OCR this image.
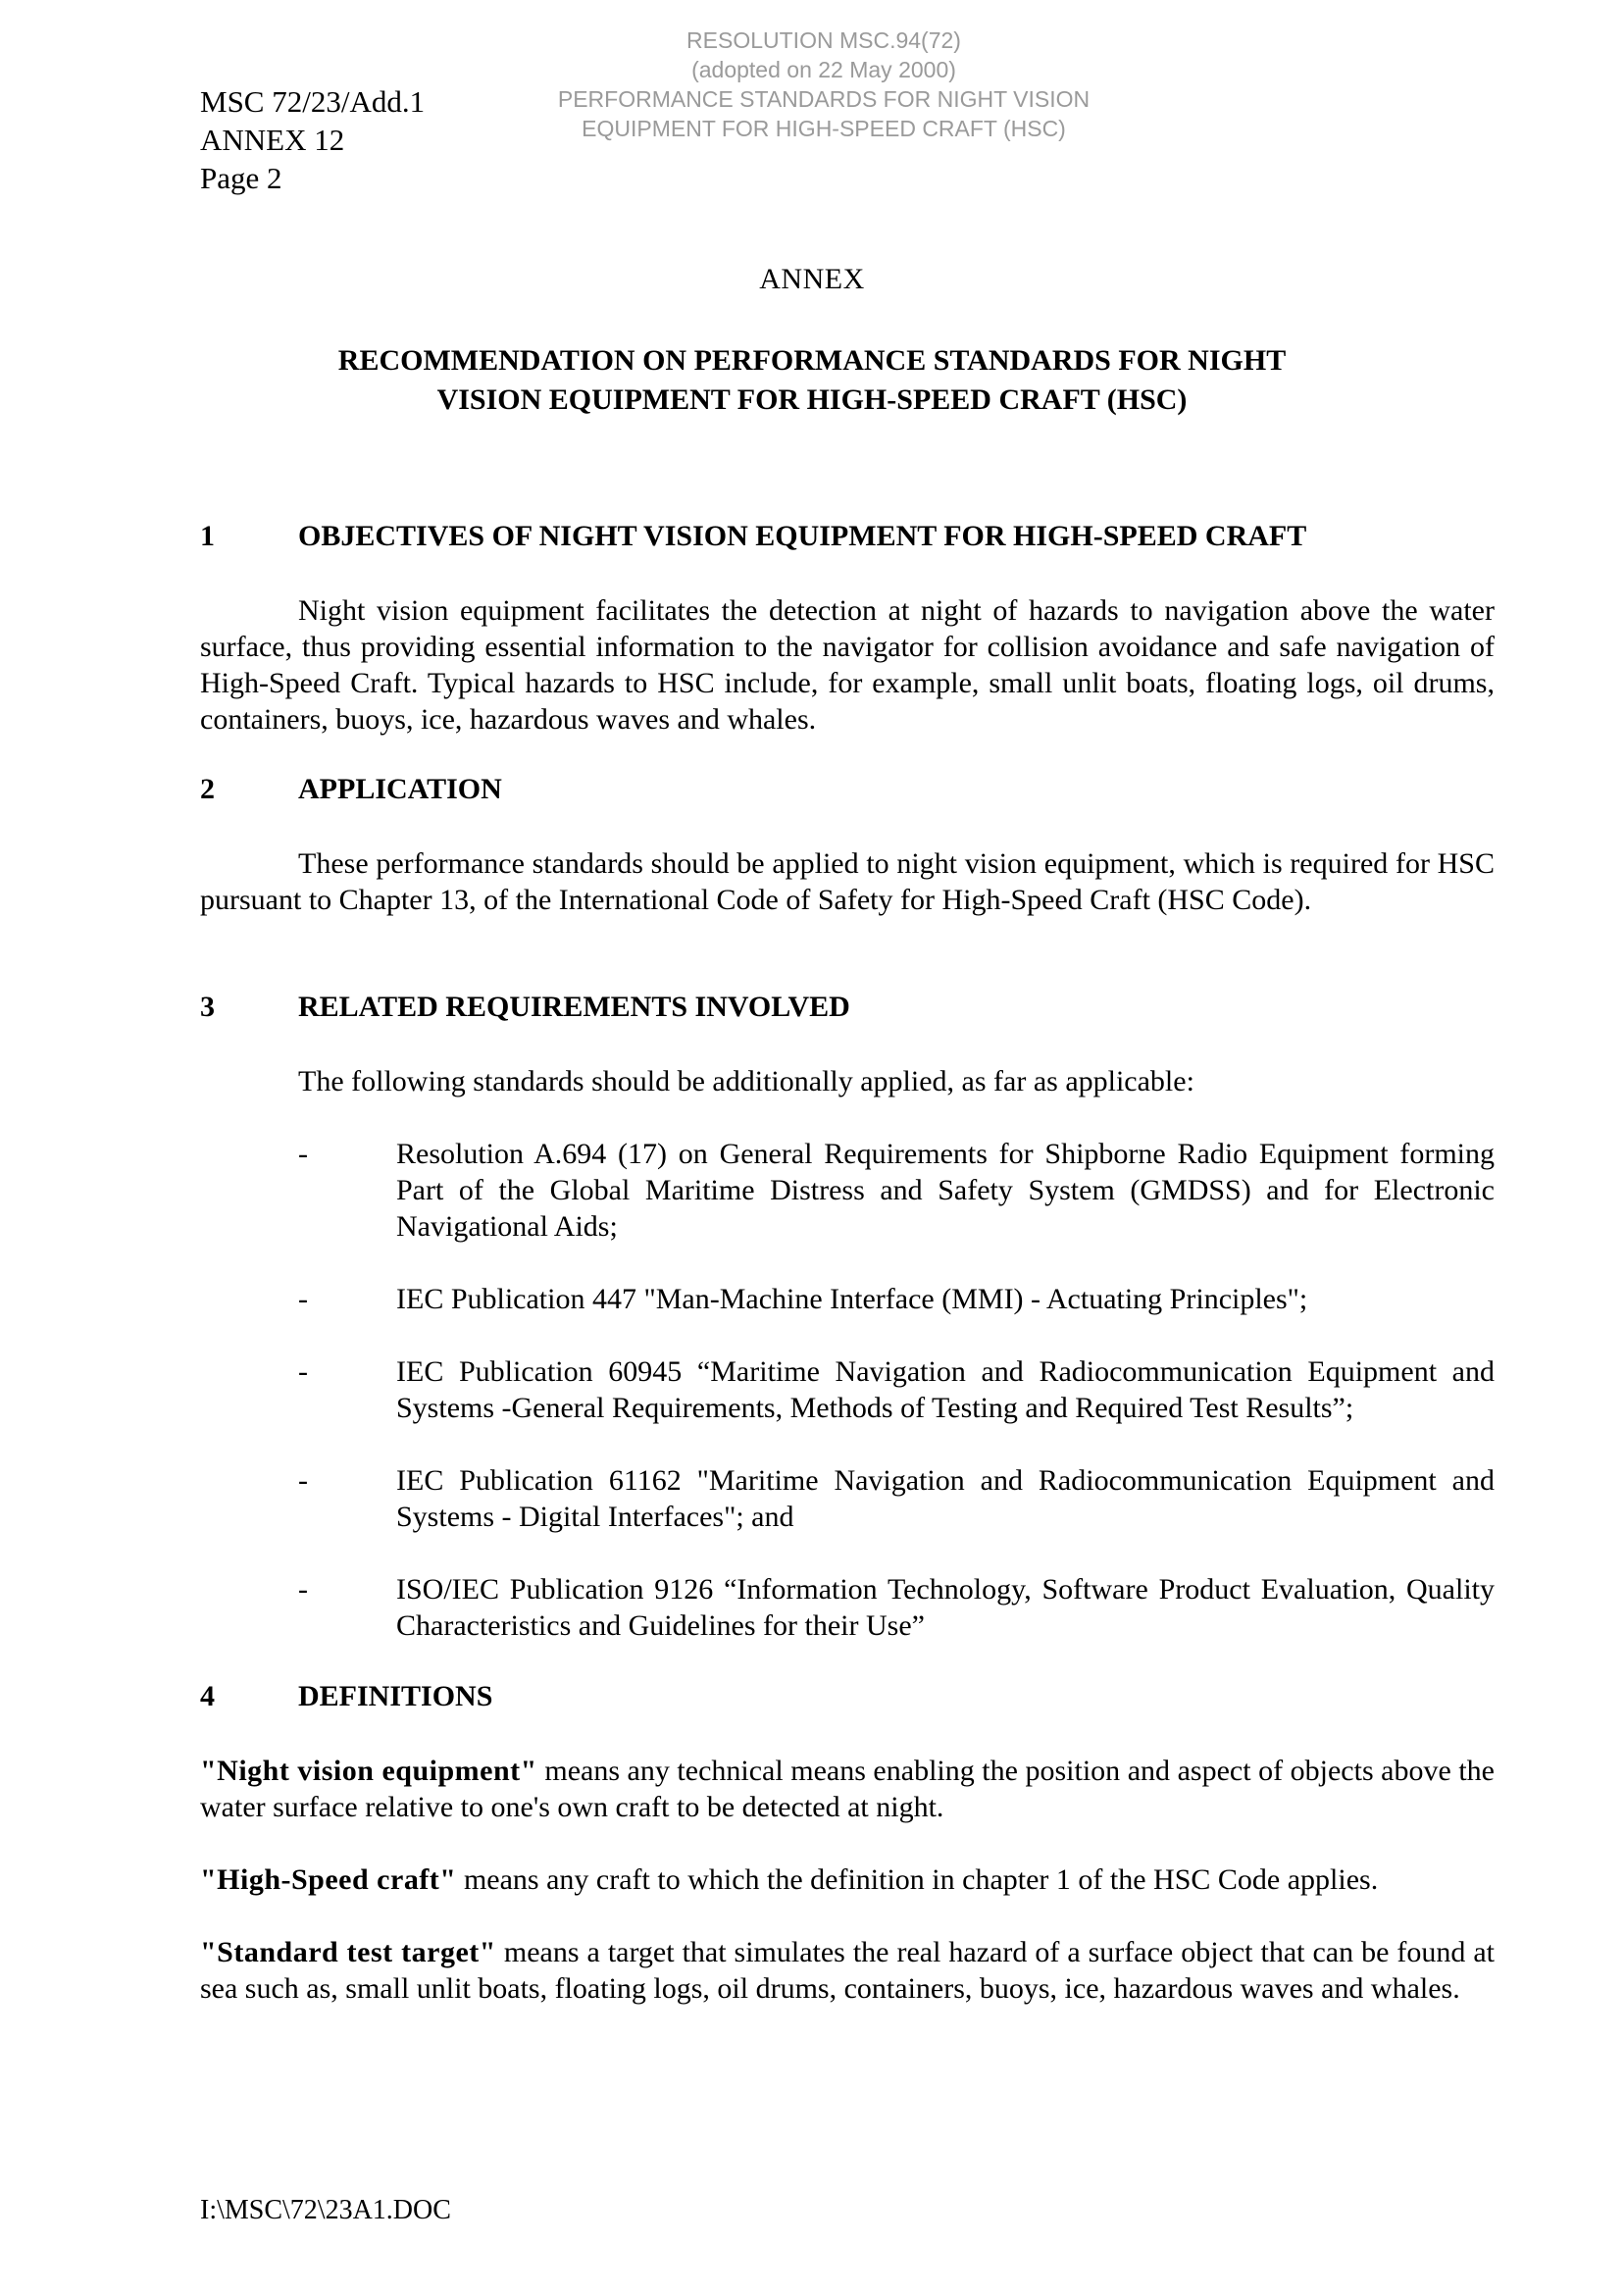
RESOLUTION MSC.94(72)
(adopted on 22 May 2000)
PERFORMANCE STANDARDS FOR NIGHT VISION
EQUIPMENT FOR HIGH-SPEED CRAFT (HSC)
MSC 72/23/Add.1
ANNEX 12
Page 2
ANNEX
RECOMMENDATION ON PERFORMANCE STANDARDS FOR NIGHT
VISION EQUIPMENT FOR HIGH-SPEED CRAFT (HSC)
1	OBJECTIVES OF NIGHT VISION EQUIPMENT FOR HIGH-SPEED CRAFT
Night vision equipment facilitates the detection at night of hazards to navigation above the water surface, thus providing essential information to the navigator for collision avoidance and safe navigation of High-Speed Craft. Typical hazards to HSC include, for example, small unlit boats, floating logs, oil drums, containers, buoys, ice, hazardous waves and whales.
2	APPLICATION
These performance standards should be applied to night vision equipment, which is required for HSC pursuant to Chapter 13, of the International Code of Safety for High-Speed Craft (HSC Code).
3	RELATED REQUIREMENTS INVOLVED
The following standards should be additionally applied, as far as applicable:
-	Resolution A.694 (17) on General Requirements for Shipborne Radio Equipment forming Part of the Global Maritime Distress and Safety System (GMDSS) and for Electronic Navigational Aids;
-	IEC Publication 447 "Man-Machine Interface (MMI) - Actuating Principles";
-	IEC Publication 60945 “Maritime Navigation and Radiocommunication Equipment and Systems -General Requirements, Methods of Testing and Required Test Results”;
-	IEC Publication 61162 "Maritime Navigation and Radiocommunication Equipment and Systems - Digital Interfaces"; and
-	ISO/IEC Publication 9126 “Information Technology, Software Product Evaluation, Quality Characteristics and Guidelines for their Use”
4	DEFINITIONS
"Night vision equipment" means any technical means enabling the position and aspect of objects above the water surface relative to one's own craft to be detected at night.
"High-Speed craft" means any craft to which the definition in chapter 1 of the HSC Code applies.
"Standard test target" means a target that simulates the real hazard of a surface object that can be found at sea such as, small unlit boats, floating logs, oil drums, containers, buoys, ice, hazardous waves and whales.
I:\MSC\72\23A1.DOC
